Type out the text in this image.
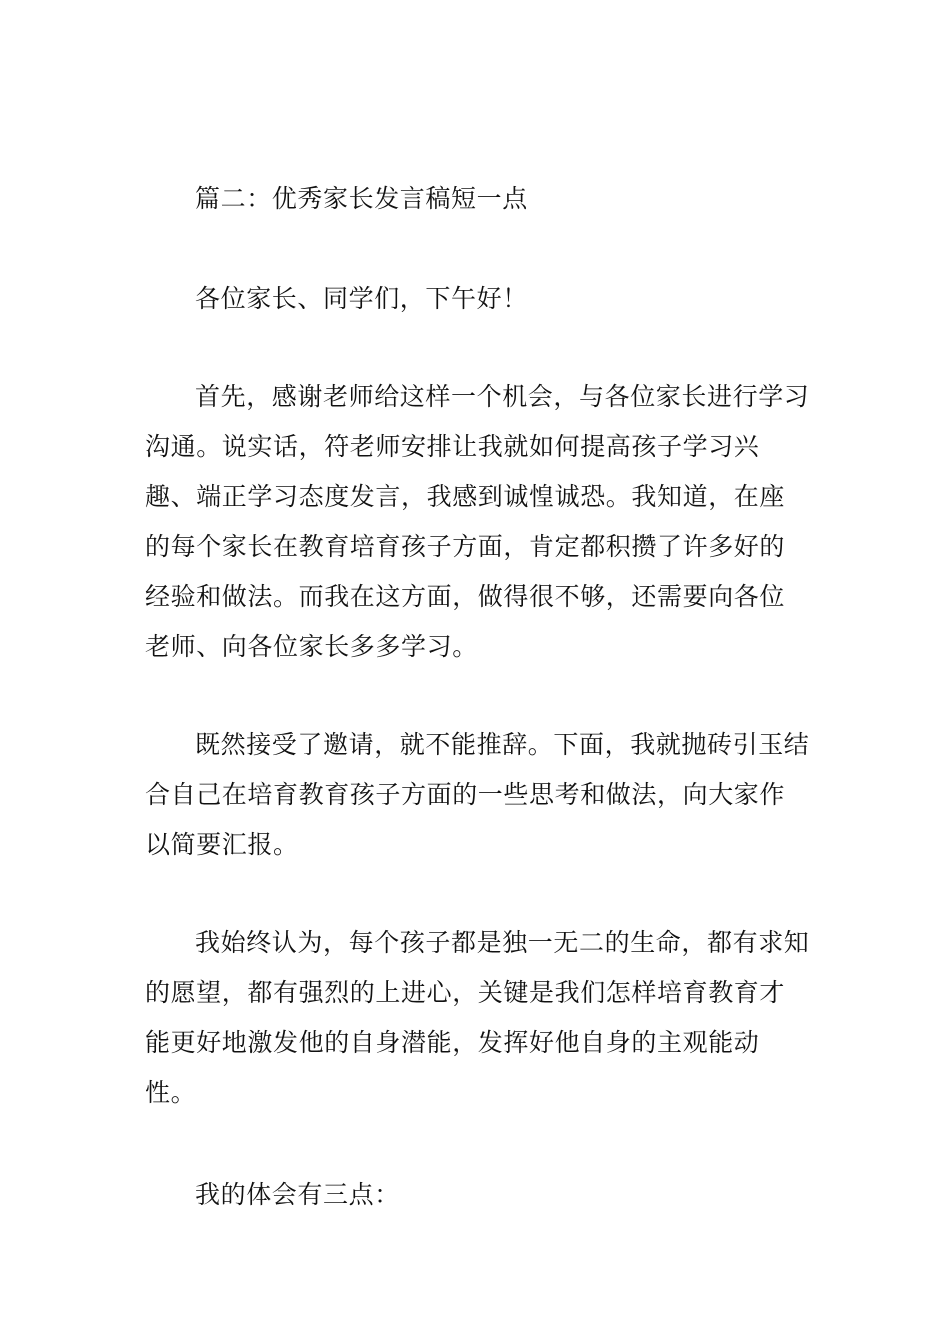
篇二：优秀家长发言稿短一点

各位家长、同学们，下午好！

首先，感谢老师给这样一个机会，与各位家长进行学习沟通。说实话，符老师安排让我就如何提高孩子学习兴趣、端正学习态度发言，我感到诚惶诚恐。我知道，在座的每个家长在教育培育孩子方面，肯定都积攒了许多好的经验和做法。而我在这方面，做得很不够，还需要向各位老师、向各位家长多多学习。

既然接受了邀请，就不能推辞。下面，我就抛砖引玉结合自己在培育教育孩子方面的一些思考和做法，向大家作以简要汇报。

我始终认为，每个孩子都是独一无二的生命，都有求知的愿望，都有强烈的上进心，关键是我们怎样培育教育才能更好地激发他的自身潜能，发挥好他自身的主观能动性。

我的体会有三点：
